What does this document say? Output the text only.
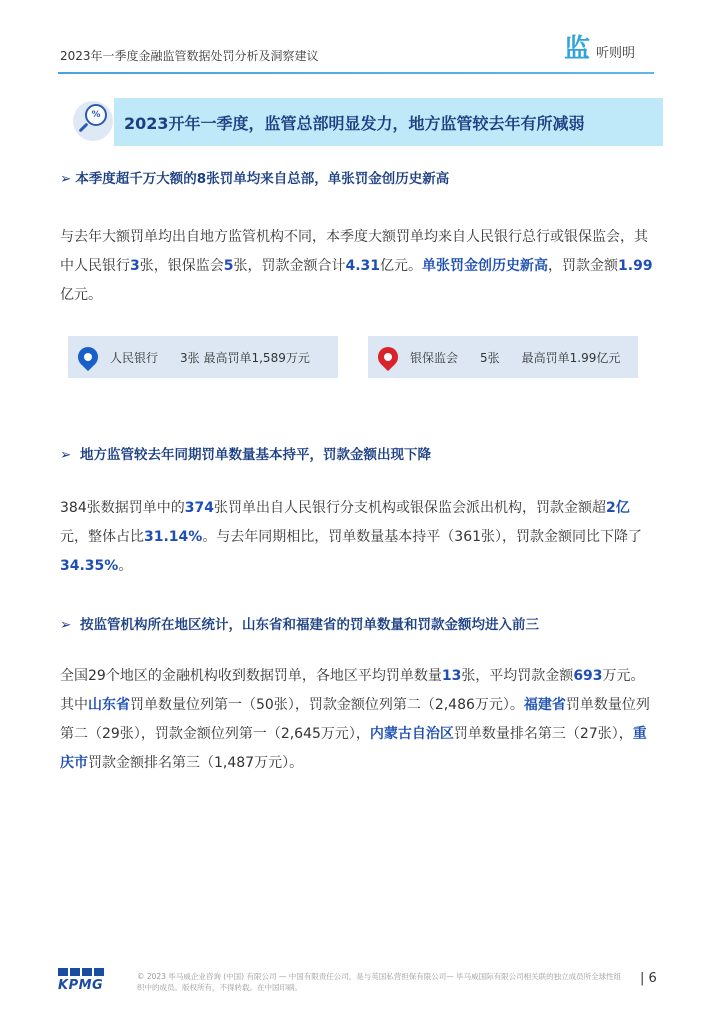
2023年一季度金融监管数据处罚分析及洞察建议	监 听则明
%	2023开年一季度，监管总部明显发力，地方监管较去年有所减弱
➢ 本季度超千万大额的8张罚单均来自总部，单张罚金创历史新高

与去年大额罚单均出自地方监管机构不同，本季度大额罚单均来自人民银行总行或银保监会，其中人民银行3张，银保监会5张，罚款金额合计4.31亿元。单张罚金创历史新高，罚款金额1.99亿元。

人民银行 3张
最高罚单1,589万元	银保监会 5张 最高罚单1.99亿元
➢ 地方监管较去年同期罚单数量基本持平，罚款金额出现下降

384张数据罚单中的374张罚单出自人民银行分支机构或银保监会派出机构，罚款金额超2亿元，整体占比31.14%。与去年同期相比，罚单数量基本持平（361张），罚款金额同比下降了34.35%。

➢ 按监管机构所在地区统计，山东省和福建省的罚单数量和罚款金额均进入前三

全国29个地区的金融机构收到数据罚单，各地区平均罚单数量13张，平均罚款金额693万元。其中山东省罚单数量位列第一（50张），罚款金额位列第二（2,486万元）。福建省罚单数量位列第二（29张），罚款金额位列第一（2,645万元），内蒙古自治区罚单数量排名第三（27张），重庆市罚款金额排名第三（1,487万元）。

KPMG
© 2023 毕马威企业咨询 (中国) 有限公司 — 中国有限责任公司，是与英国私营担保有限公司— 毕马威国际有限公司相关联的独立成员所全球性组织中的成员。版权所有，不得转载。在中国印刷。
| 6
